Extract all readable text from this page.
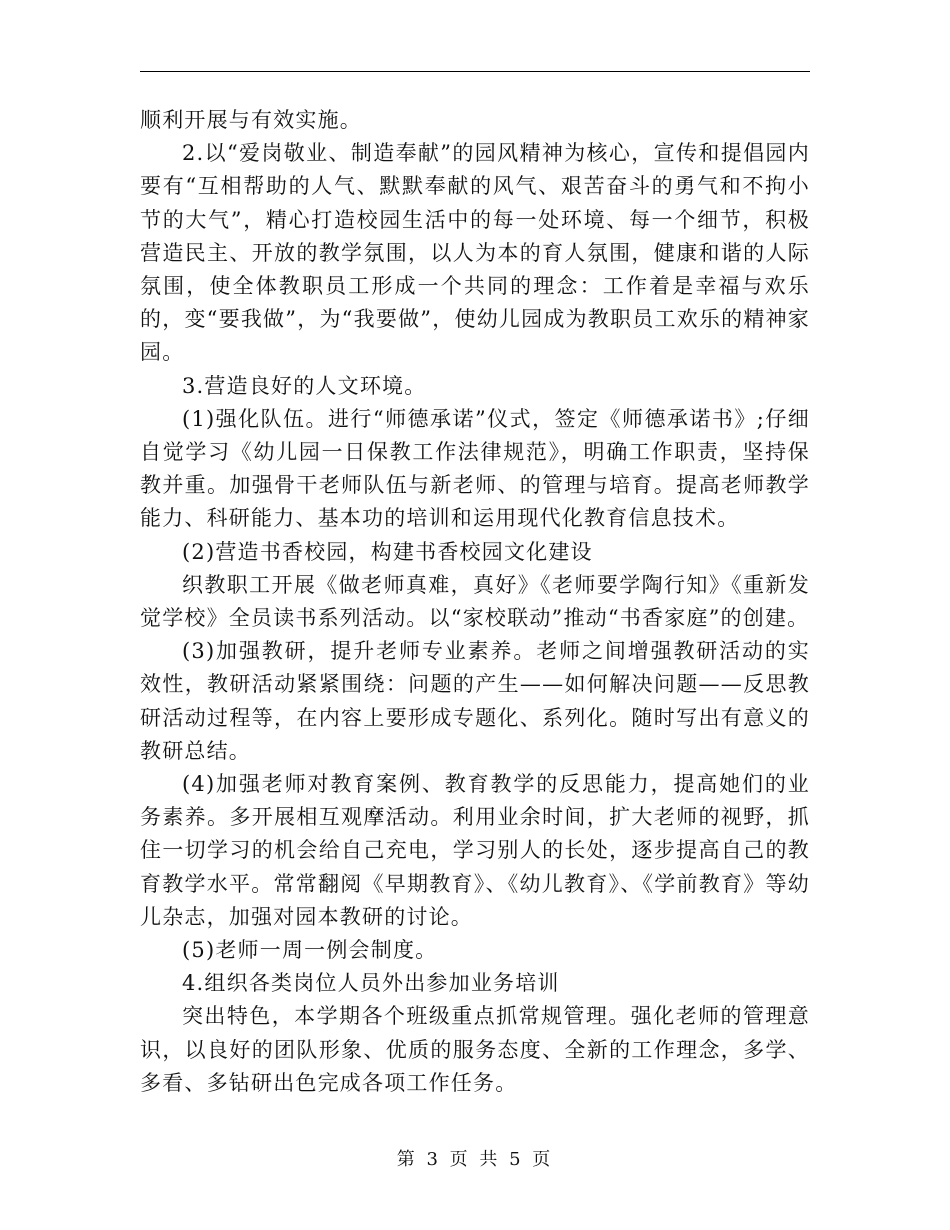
顺利开展与有效实施。

2.以“爱岗敬业、制造奉献”的园风精神为核心，宣传和提倡园内要有“互相帮助的人气、默默奉献的风气、艰苦奋斗的勇气和不拘小节的大气”，精心打造校园生活中的每一处环境、每一个细节，积极营造民主、开放的教学氛围，以人为本的育人氛围，健康和谐的人际氛围，使全体教职员工形成一个共同的理念：工作着是幸福与欢乐的，变“要我做”，为“我要做”，使幼儿园成为教职员工欢乐的精神家园。

3.营造良好的人文环境。

(1)强化队伍。进行“师德承诺”仪式，签定《师德承诺书》;仔细自觉学习《幼儿园一日保教工作法律规范》，明确工作职责，坚持保教并重。加强骨干老师队伍与新老师、的管理与培育。提高老师教学能力、科研能力、基本功的培训和运用现代化教育信息技术。

(2)营造书香校园，构建书香校园文化建设

织教职工开展《做老师真难，真好》《老师要学陶行知》《重新发觉学校》全员读书系列活动。以“家校联动”推动“书香家庭”的创建。

(3)加强教研，提升老师专业素养。老师之间增强教研活动的实效性，教研活动紧紧围绕：问题的产生——如何解决问题——反思教研活动过程等，在内容上要形成专题化、系列化。随时写出有意义的教研总结。

(4)加强老师对教育案例、教育教学的反思能力，提高她们的业务素养。多开展相互观摩活动。利用业余时间，扩大老师的视野，抓住一切学习的机会给自己充电，学习别人的长处，逐步提高自己的教育教学水平。常常翻阅《早期教育》、《幼儿教育》、《学前教育》等幼儿杂志，加强对园本教研的讨论。

(5)老师一周一例会制度。

4.组织各类岗位人员外出参加业务培训

突出特色，本学期各个班级重点抓常规管理。强化老师的管理意识，以良好的团队形象、优质的服务态度、全新的工作理念，多学、多看、多钻研出色完成各项工作任务。

第 3 页 共 5 页
